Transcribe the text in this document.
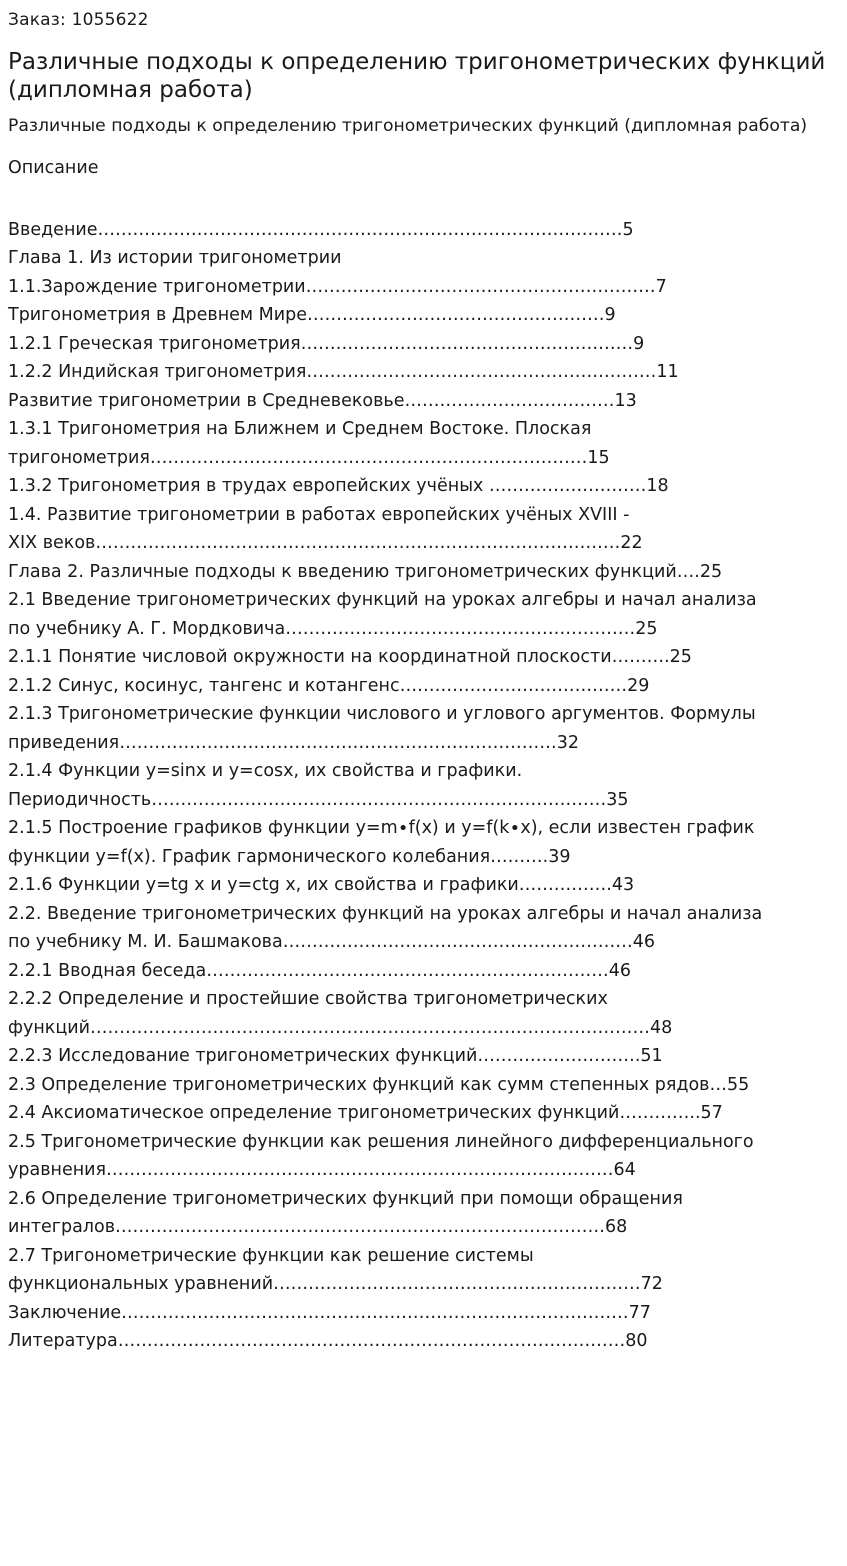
Заказ: 1055622

Различные подходы к определению тригонометрических функций (дипломная работа)

Различные подходы к определению тригонометрических функций (дипломная работа)

Описание

Введение………………………………………………………………………………5
Глава 1. Из истории тригонометрии
1.1.Зарождение тригонометрии……………………………………………………7
Тригонометрия в Древнем Мире……………………………………………9
1.2.1 Греческая тригонометрия…………………………………………………9
1.2.2 Индийская тригонометрия……………………………………………………11
Развитие тригонометрии в Средневековье………………………………13
1.3.1 Тригонометрия на Ближнем и Среднем Востоке. Плоская
тригонометрия…………………………………………………………………15
1.3.2 Тригонометрия в трудах европейских учёных ………………………18
1.4. Развитие тригонометрии в работах европейских учёных XVIII -
XIX веков………………………………………………………………………………22
Глава 2. Различные подходы к введению тригонометрических функций….25
2.1 Введение тригонометрических функций на уроках алгебры и начал анализа
по учебнику А. Г. Мордковича……………………………………………………25
2.1.1 Понятие числовой окружности на координатной плоскости……….25
2.1.2 Синус, косинус, тангенс и котангенс…………………………………29
2.1.3 Тригонометрические функции числового и углового аргументов. Формулы
приведения…………………………………………………………………32
2.1.4 Функции y=sinx и y=cosx, их свойства и графики.
Периодичность……………………………………………………………………35
2.1.5 Построение графиков функции y=m∙f(x) и y=f(k∙x), если известен график
функции y=f(x). График гармонического колебания……….39
2.1.6 Функции y=tg x и y=ctg x, их свойства и графики…………….43
2.2. Введение тригонометрических функций на уроках алгебры и начал анализа
по учебнику М. И. Башмакова……………………………………………………46
2.2.1 Вводная беседа……………………………………………………………46
2.2.2 Определение и простейшие свойства тригонометрических
функций……………………………………………………………………………………48
2.2.3 Исследование тригонометрических функций……………………….51
2.3 Определение тригонометрических функций как сумм степенных рядов…55
2.4 Аксиоматическое определение тригонометрических функций…………..57
2.5 Тригонометрические функции как решения линейного дифференциального
уравнения……………………………………………………………………………64
2.6 Определение тригонометрических функций при помощи обращения
интегралов…………………………………………………………………………68
2.7 Тригонометрические функции как решение системы
функциональных уравнений………………………………………………………72
Заключение……………………………………………………………………………77
Литература……………………………………………………………………………80
